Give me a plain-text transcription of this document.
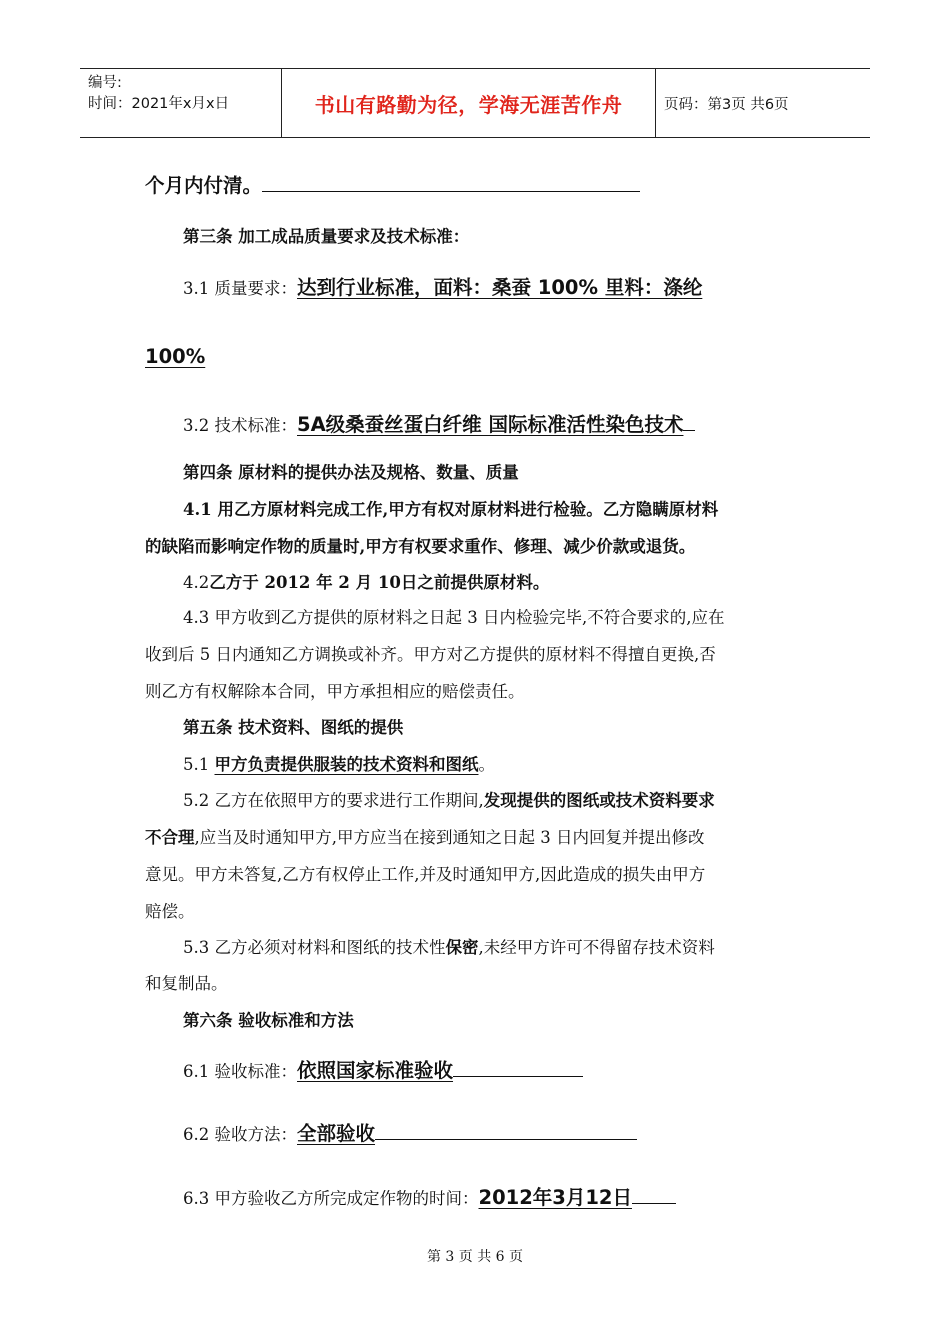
编号:
时间：2021年x月x日	书山有路勤为径，学海无涯苦作舟	页码：第3页 共6页
个月内付清。
第三条 加工成品质量要求及技术标准：
3.1 质量要求：达到行业标准，面料：桑蚕 100% 里料：涤纶
100%
3.2 技术标准：5A级桑蚕丝蛋白纤维 国际标准活性染色技术
第四条 原材料的提供办法及规格、数量、质量
4.1 用乙方原材料完成工作,甲方有权对原材料进行检验。乙方隐瞒原材料
的缺陷而影响定作物的质量时,甲方有权要求重作、修理、减少价款或退货。
4.2乙方于 2012 年 2 月 10日之前提供原材料。
4.3 甲方收到乙方提供的原材料之日起 3 日内检验完毕,不符合要求的,应在
收到后 5 日内通知乙方调换或补齐。甲方对乙方提供的原材料不得擅自更换,否
则乙方有权解除本合同，甲方承担相应的赔偿责任。
第五条 技术资料、图纸的提供
5.1 甲方负责提供服装的技术资料和图纸。
5.2 乙方在依照甲方的要求进行工作期间,发现提供的图纸或技术资料要求
不合理,应当及时通知甲方,甲方应当在接到通知之日起 3 日内回复并提出修改
意见。甲方未答复,乙方有权停止工作,并及时通知甲方,因此造成的损失由甲方
赔偿。
5.3 乙方必须对材料和图纸的技术性保密,未经甲方许可不得留存技术资料
和复制品。
第六条 验收标准和方法
6.1 验收标准：依照国家标准验收
6.2 验收方法：全部验收
6.3 甲方验收乙方所完成定作物的时间：2012年3月12日
第 3 页 共 6 页
